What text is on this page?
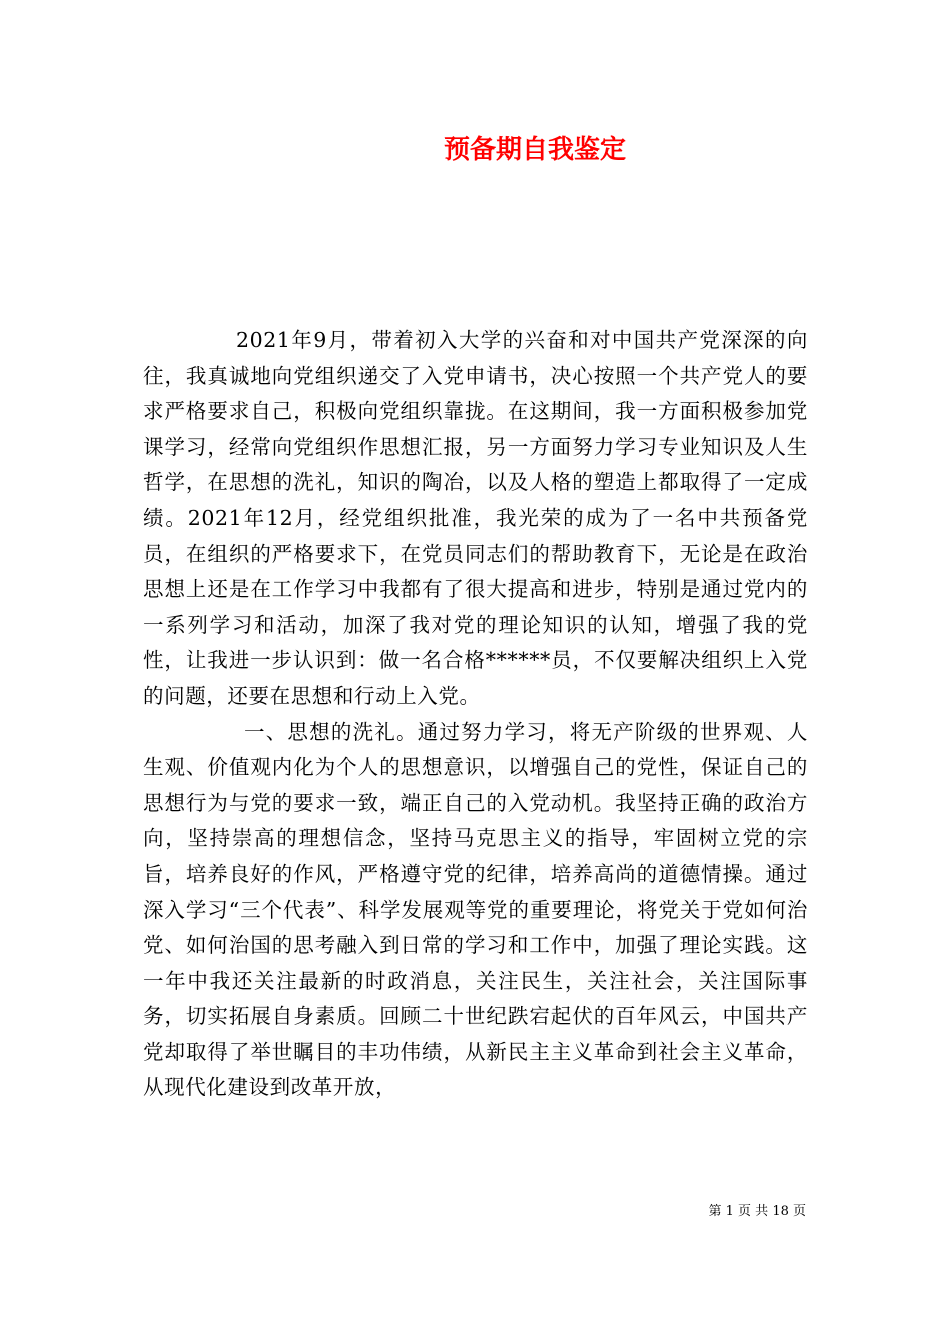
预备期自我鉴定

2021年9月，带着初入大学的兴奋和对中国共产党深深的向往，我真诚地向党组织递交了入党申请书，决心按照一个共产党人的要求严格要求自己，积极向党组织靠拢。在这期间，我一方面积极参加党课学习，经常向党组织作思想汇报，另一方面努力学习专业知识及人生哲学，在思想的洗礼，知识的陶冶，以及人格的塑造上都取得了一定成绩。2021年12月，经党组织批准，我光荣的成为了一名中共预备党员，在组织的严格要求下，在党员同志们的帮助教育下，无论是在政治思想上还是在工作学习中我都有了很大提高和进步，特别是通过党内的一系列学习和活动，加深了我对党的理论知识的认知，增强了我的党性，让我进一步认识到：做一名合格******员，不仅要解决组织上入党的问题，还要在思想和行动上入党。

一、思想的洗礼。通过努力学习，将无产阶级的世界观、人生观、价值观内化为个人的思想意识，以增强自己的党性，保证自己的思想行为与党的要求一致，端正自己的入党动机。我坚持正确的政治方向，坚持崇高的理想信念，坚持马克思主义的指导，牢固树立党的宗旨，培养良好的作风，严格遵守党的纪律，培养高尚的道德情操。通过深入学习“三个代表”、科学发展观等党的重要理论，将党关于党如何治党、如何治国的思考融入到日常的学习和工作中，加强了理论实践。这一年中我还关注最新的时政消息，关注民生，关注社会，关注国际事务，切实拓展自身素质。回顾二十世纪跌宕起伏的百年风云，中国共产党却取得了举世瞩目的丰功伟绩，从新民主主义革命到社会主义革命，从现代化建设到改革开放，

第 1 页 共 18 页
